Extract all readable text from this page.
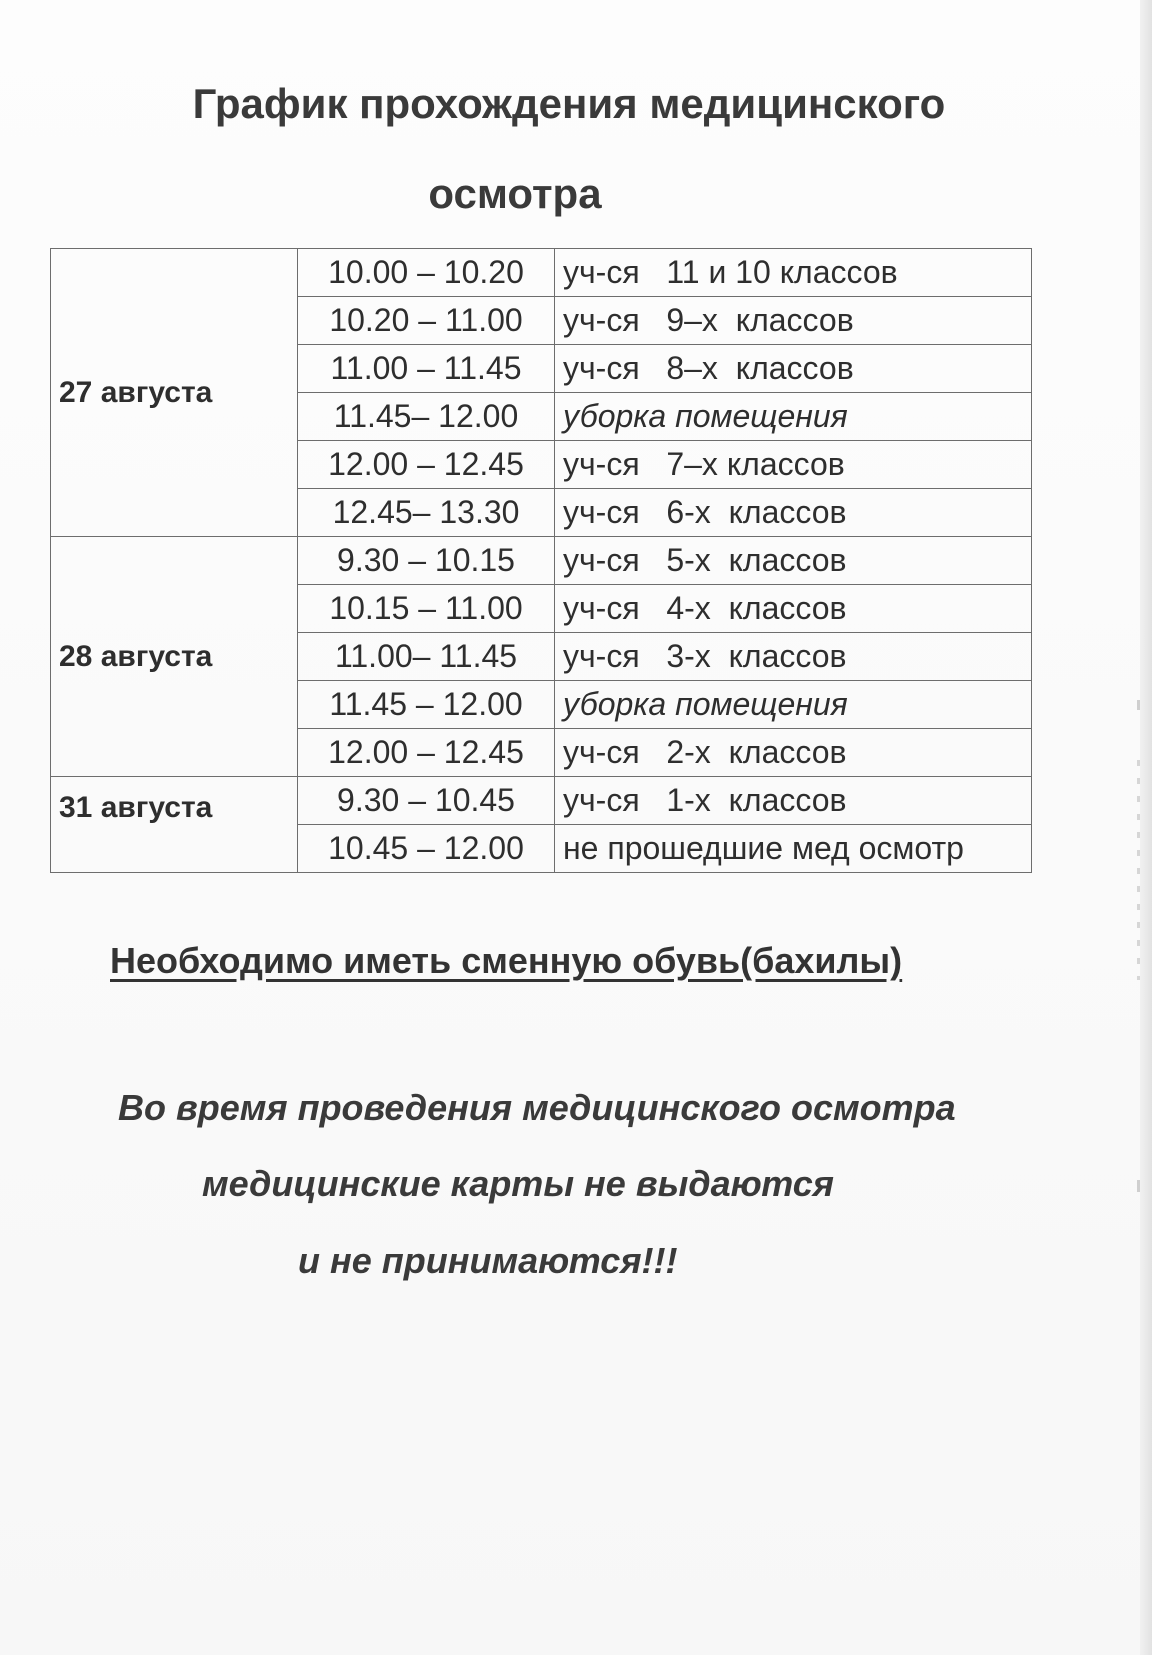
График прохождения медицинского
осмотра
27 августа	10.00 – 10.20	уч-ся   11 и 10 классов
	10.20 – 11.00	уч-ся   9–х  классов
	11.00 – 11.45	уч-ся   8–х  классов
	11.45– 12.00	уборка помещения
	12.00 – 12.45	уч-ся   7–х классов
	12.45– 13.30	уч-ся   6-х  классов
28 августа	9.30 – 10.15	уч-ся   5-х  классов
	10.15 – 11.00	уч-ся   4-х  классов
	11.00– 11.45	уч-ся   3-х  классов
	11.45 – 12.00	уборка помещения
	12.00 – 12.45	уч-ся   2-х  классов
31 августа	9.30 – 10.45	уч-ся   1-х  классов
	10.45 – 12.00	не прошедшие мед осмотр
Необходимо иметь сменную обувь(бахилы)
Во время проведения медицинского осмотра
медицинские карты не выдаются
и не принимаются!!!
